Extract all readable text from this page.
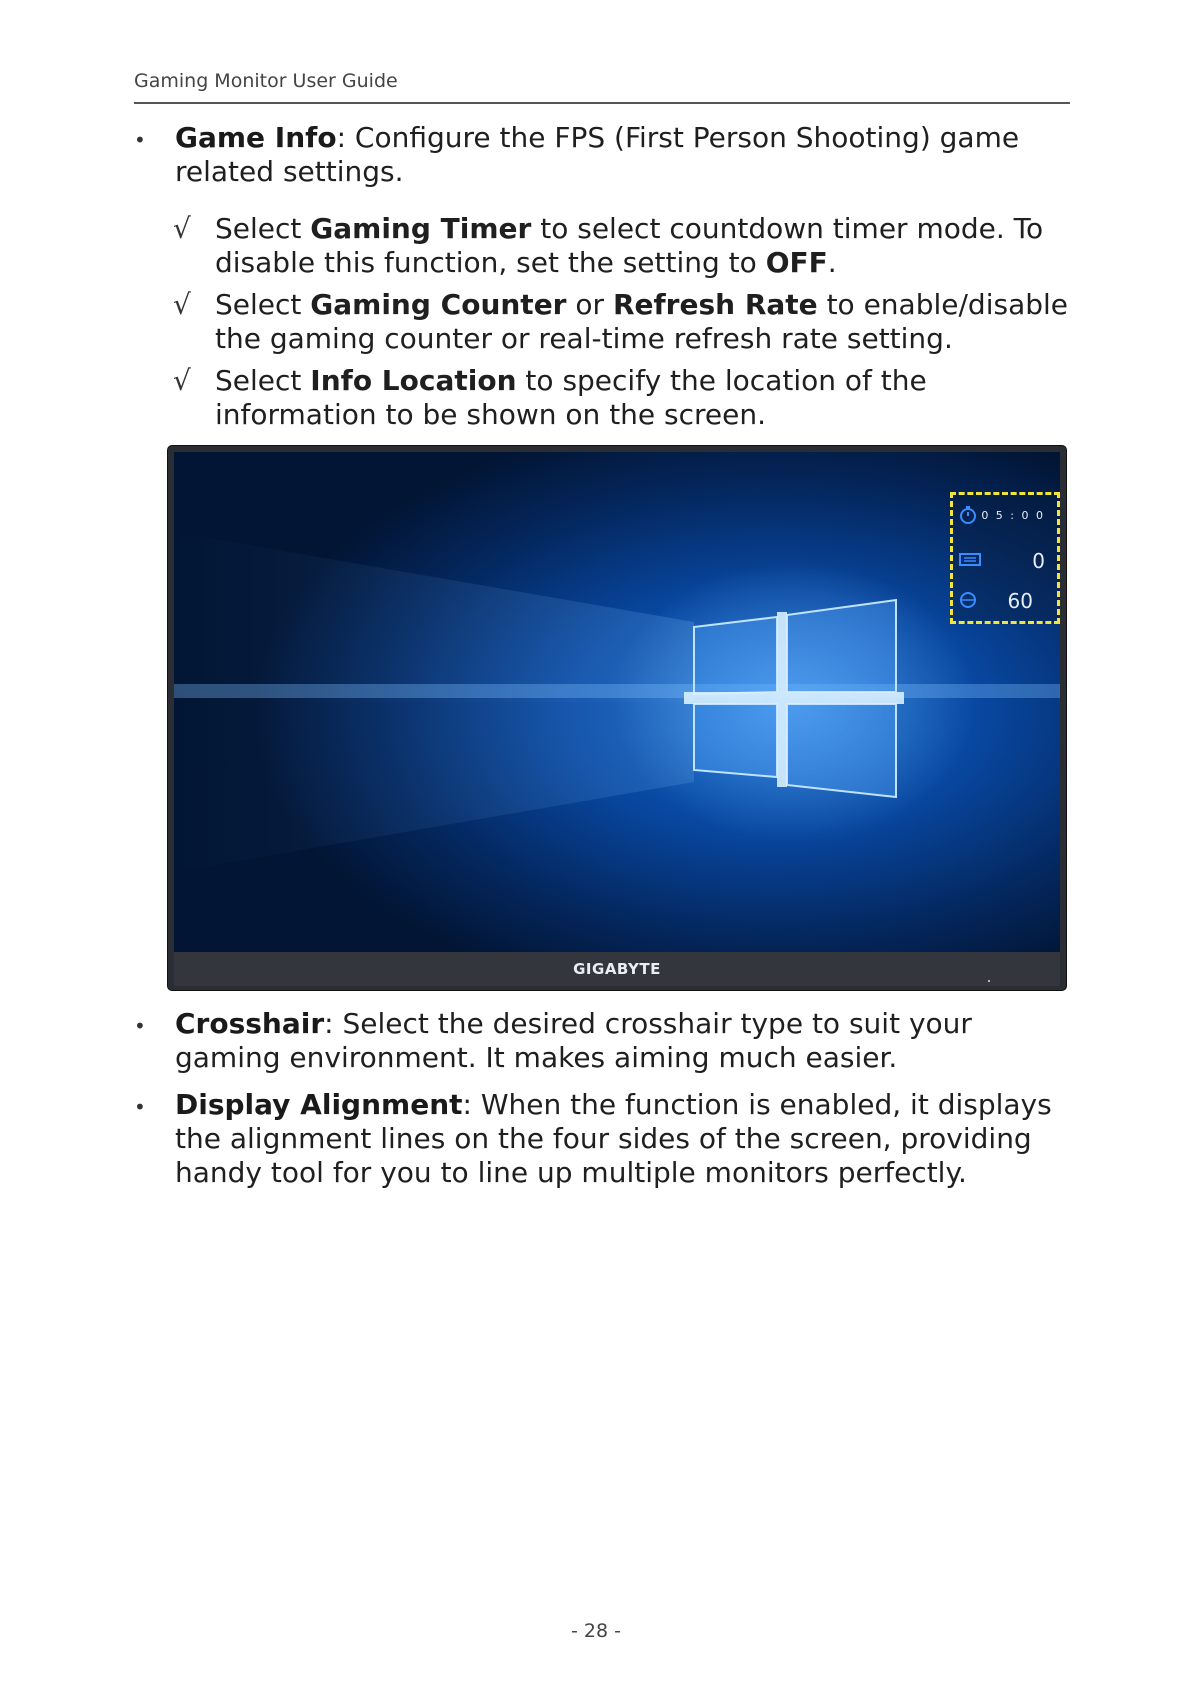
Gaming Monitor User Guide
• Game Info: Configure the FPS (First Person Shooting) game related settings.
√ Select Gaming Timer to select countdown timer mode. To disable this function, set the setting to OFF.
√ Select Gaming Counter or Refresh Rate to enable/disable the gaming counter or real-time refresh rate setting.
√ Select Info Location to specify the location of the information to be shown on the screen.
0 5 : 0 0
0
60
GIGABYTE
• Crosshair: Select the desired crosshair type to suit your gaming environment. It makes aiming much easier.
• Display Alignment: When the function is enabled, it displays the alignment lines on the four sides of the screen, providing handy tool for you to line up multiple monitors perfectly.
- 28 -
